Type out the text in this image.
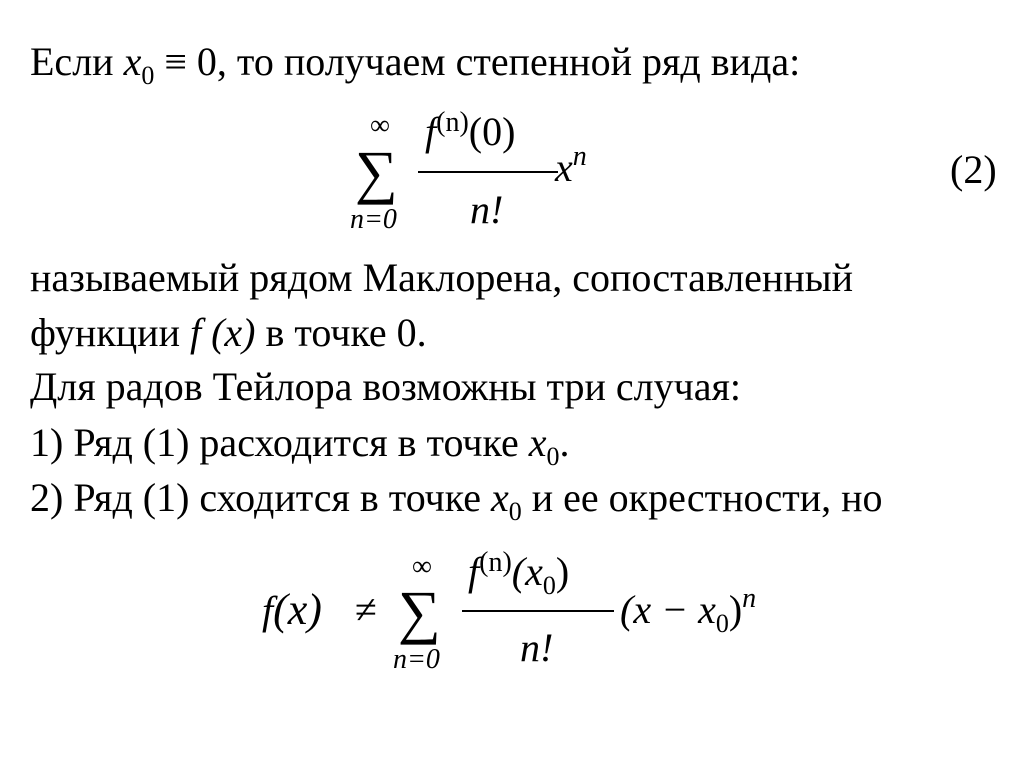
Если $x_0 \equiv 0$, то получаем степенной ряд вида:
∞
∑
n=0
$f^{(n)}(0)$
n!
$x^n$	(2)
называемый рядом Маклорена, сопоставленный
функции f (x) в точке 0.
Для радов Тейлора возможны три случая:
1) Ряд (1) расходится в точке $x_0$.
2) Ряд (1) сходится в точке $x_0$ и ее окрестности, но
f(x) ≠
∞
∑
n=0
$f^{(n)}(x_0)$
n!
$(x - x_0)^n$
